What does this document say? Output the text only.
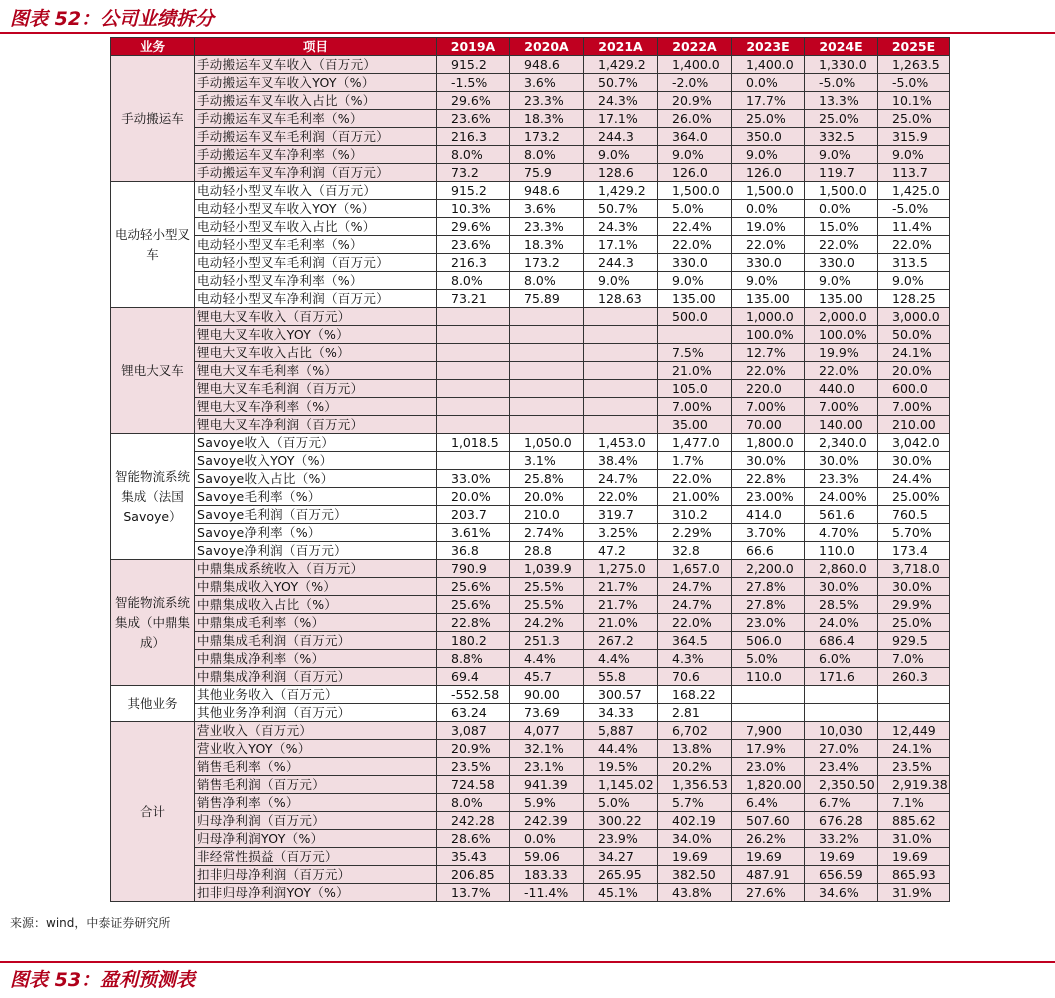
图表 52：公司业绩拆分
业务	项目	2019A	2020A	2021A	2022A	2023E	2024E	2025E
手动搬运车	手动搬运车叉车收入（百万元）	915.2	948.6	1,429.2	1,400.0	1,400.0	1,330.0	1,263.5
	手动搬运车叉车收入YOY（%）	-1.5%	3.6%	50.7%	-2.0%	0.0%	-5.0%	-5.0%
	手动搬运车叉车收入占比（%）	29.6%	23.3%	24.3%	20.9%	17.7%	13.3%	10.1%
	手动搬运车叉车毛利率（%）	23.6%	18.3%	17.1%	26.0%	25.0%	25.0%	25.0%
	手动搬运车叉车毛利润（百万元）	216.3	173.2	244.3	364.0	350.0	332.5	315.9
	手动搬运车叉车净利率（%）	8.0%	8.0%	9.0%	9.0%	9.0%	9.0%	9.0%
	手动搬运车叉车净利润（百万元）	73.2	75.9	128.6	126.0	126.0	119.7	113.7
电动轻小型叉车	电动轻小型叉车收入（百万元）	915.2	948.6	1,429.2	1,500.0	1,500.0	1,500.0	1,425.0
	电动轻小型叉车收入YOY（%）	10.3%	3.6%	50.7%	5.0%	0.0%	0.0%	-5.0%
	电动轻小型叉车收入占比（%）	29.6%	23.3%	24.3%	22.4%	19.0%	15.0%	11.4%
	电动轻小型叉车毛利率（%）	23.6%	18.3%	17.1%	22.0%	22.0%	22.0%	22.0%
	电动轻小型叉车毛利润（百万元）	216.3	173.2	244.3	330.0	330.0	330.0	313.5
	电动轻小型叉车净利率（%）	8.0%	8.0%	9.0%	9.0%	9.0%	9.0%	9.0%
	电动轻小型叉车净利润（百万元）	73.21	75.89	128.63	135.00	135.00	135.00	128.25
锂电大叉车	锂电大叉车收入（百万元）				500.0	1,000.0	2,000.0	3,000.0
	锂电大叉车收入YOY（%）					100.0%	100.0%	50.0%
	锂电大叉车收入占比（%）				7.5%	12.7%	19.9%	24.1%
	锂电大叉车毛利率（%）				21.0%	22.0%	22.0%	20.0%
	锂电大叉车毛利润（百万元）				105.0	220.0	440.0	600.0
	锂电大叉车净利率（%）				7.00%	7.00%	7.00%	7.00%
	锂电大叉车净利润（百万元）				35.00	70.00	140.00	210.00
智能物流系统集成（法国Savoye）	Savoye收入（百万元）	1,018.5	1,050.0	1,453.0	1,477.0	1,800.0	2,340.0	3,042.0
	Savoye收入YOY（%）		3.1%	38.4%	1.7%	30.0%	30.0%	30.0%
	Savoye收入占比（%）	33.0%	25.8%	24.7%	22.0%	22.8%	23.3%	24.4%
	Savoye毛利率（%）	20.0%	20.0%	22.0%	21.00%	23.00%	24.00%	25.00%
	Savoye毛利润（百万元）	203.7	210.0	319.7	310.2	414.0	561.6	760.5
	Savoye净利率（%）	3.61%	2.74%	3.25%	2.29%	3.70%	4.70%	5.70%
	Savoye净利润（百万元）	36.8	28.8	47.2	32.8	66.6	110.0	173.4
智能物流系统集成（中鼎集成）	中鼎集成系统收入（百万元）	790.9	1,039.9	1,275.0	1,657.0	2,200.0	2,860.0	3,718.0
	中鼎集成收入YOY（%）	25.6%	25.5%	21.7%	24.7%	27.8%	30.0%	30.0%
	中鼎集成收入占比（%）	25.6%	25.5%	21.7%	24.7%	27.8%	28.5%	29.9%
	中鼎集成毛利率（%）	22.8%	24.2%	21.0%	22.0%	23.0%	24.0%	25.0%
	中鼎集成毛利润（百万元）	180.2	251.3	267.2	364.5	506.0	686.4	929.5
	中鼎集成净利率（%）	8.8%	4.4%	4.4%	4.3%	5.0%	6.0%	7.0%
	中鼎集成净利润（百万元）	69.4	45.7	55.8	70.6	110.0	171.6	260.3
其他业务	其他业务收入（百万元）	-552.58	90.00	300.57	168.22			
	其他业务净利润（百万元）	63.24	73.69	34.33	2.81			
合计	营业收入（百万元）	3,087	4,077	5,887	6,702	7,900	10,030	12,449
	营业收入YOY（%）	20.9%	32.1%	44.4%	13.8%	17.9%	27.0%	24.1%
	销售毛利率（%）	23.5%	23.1%	19.5%	20.2%	23.0%	23.4%	23.5%
	销售毛利润（百万元）	724.58	941.39	1,145.02	1,356.53	1,820.00	2,350.50	2,919.38
	销售净利率（%）	8.0%	5.9%	5.0%	5.7%	6.4%	6.7%	7.1%
	归母净利润（百万元）	242.28	242.39	300.22	402.19	507.60	676.28	885.62
	归母净利润YOY（%）	28.6%	0.0%	23.9%	34.0%	26.2%	33.2%	31.0%
	非经常性损益（百万元）	35.43	59.06	34.27	19.69	19.69	19.69	19.69
	扣非归母净利润（百万元）	206.85	183.33	265.95	382.50	487.91	656.59	865.93
	扣非归母净利润YOY（%）	13.7%	-11.4%	45.1%	43.8%	27.6%	34.6%	31.9%
来源：wind，中泰证券研究所
图表 53：盈利预测表
